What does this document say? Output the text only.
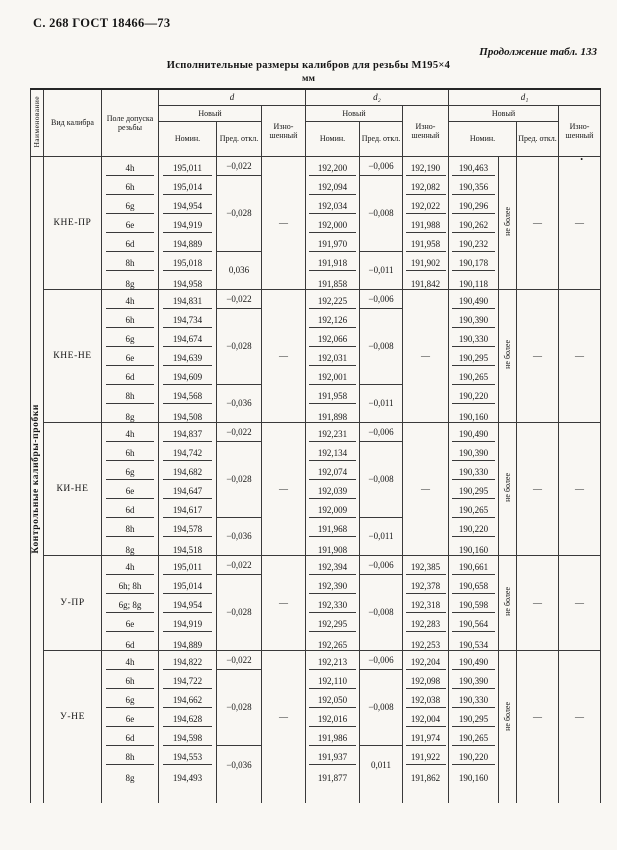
С. 268 ГОСТ 18466—73
Продолжение табл. 133
Исполнительные размеры калибров для резьбы М195×4
мм
Наименование	Вид калибра	Поле допуска резьбы	d			d₂			d₁			
			Новый		Изно-шенный	Новый		Изно-шенный	Новый			Изно-шенный
			Номин.	Пред. откл.		Номин.	Пред. откл.		Номин.		Пред. откл.	
Контрольные калибры-пробки	КНЕ-ПР	4h	195,011	−0,022	—	192,200	−0,006	192,190	190,463	не более	—	—
		6h	195,014	−0,028		192,094	−0,008	192,082	190,356			
		6g	194,954			192,034		192,022	190,296			
		6e	194,919			192,000		191,988	190,262			
		6d	194,889			191,970		191,958	190,232			
		8h	195,018	0,036		191,918	−0,011	191,902	190,178			
		8g	194,958			191,858		191,842	190,118			
	КНЕ-НЕ	4h	194,831	−0,022	—	192,225	−0,006	—	190,490	не более	—	—
		6h	194,734	−0,028		192,126	−0,008		190,390			
		6g	194,674			192,066			190,330			
		6e	194,639			192,031			190,295			
		6d	194,609			192,001			190,265			
		8h	194,568	−0,036		191,958	−0,011		190,220			
		8g	194,508			191,898			190,160			
	КИ-НЕ	4h	194,837	−0,022	—	192,231	−0,006	—	190,490	не более	—	—
		6h	194,742	−0,028		192,134	−0,008		190,390			
		6g	194,682			192,074			190,330			
		6e	194,647			192,039			190,295			
		6d	194,617			192,009			190,265			
		8h	194,578	−0,036		191,968	−0,011		190,220			
		8g	194,518			191,908			190,160			
	У-ПР	4h	195,011	−0,022	—	192,394	−0,006	192,385	190,661	не более	—	—
		6h; 8h	195,014	−0,028		192,390	−0,008	192,378	190,658			
		6g; 8g	194,954			192,330		192,318	190,598			
		6e	194,919			192,295		192,283	190,564			
		6d	194,889			192,265		192,253	190,534			
	У-НЕ	4h	194,822	−0,022	—	192,213	−0,006	192,204	190,490	не более	—	—
		6h	194,722	−0,028		192,110	−0,008	192,098	190,390			
		6g	194,662			192,050		192,038	190,330			
		6e	194,628			192,016		192,004	190,295			
		6d	194,598			191,986		191,974	190,265			
		8h	194,553	−0,036		191,937	0,011	191,922	190,220			
		8g	194,493			191,877		191,862	190,160			

•
